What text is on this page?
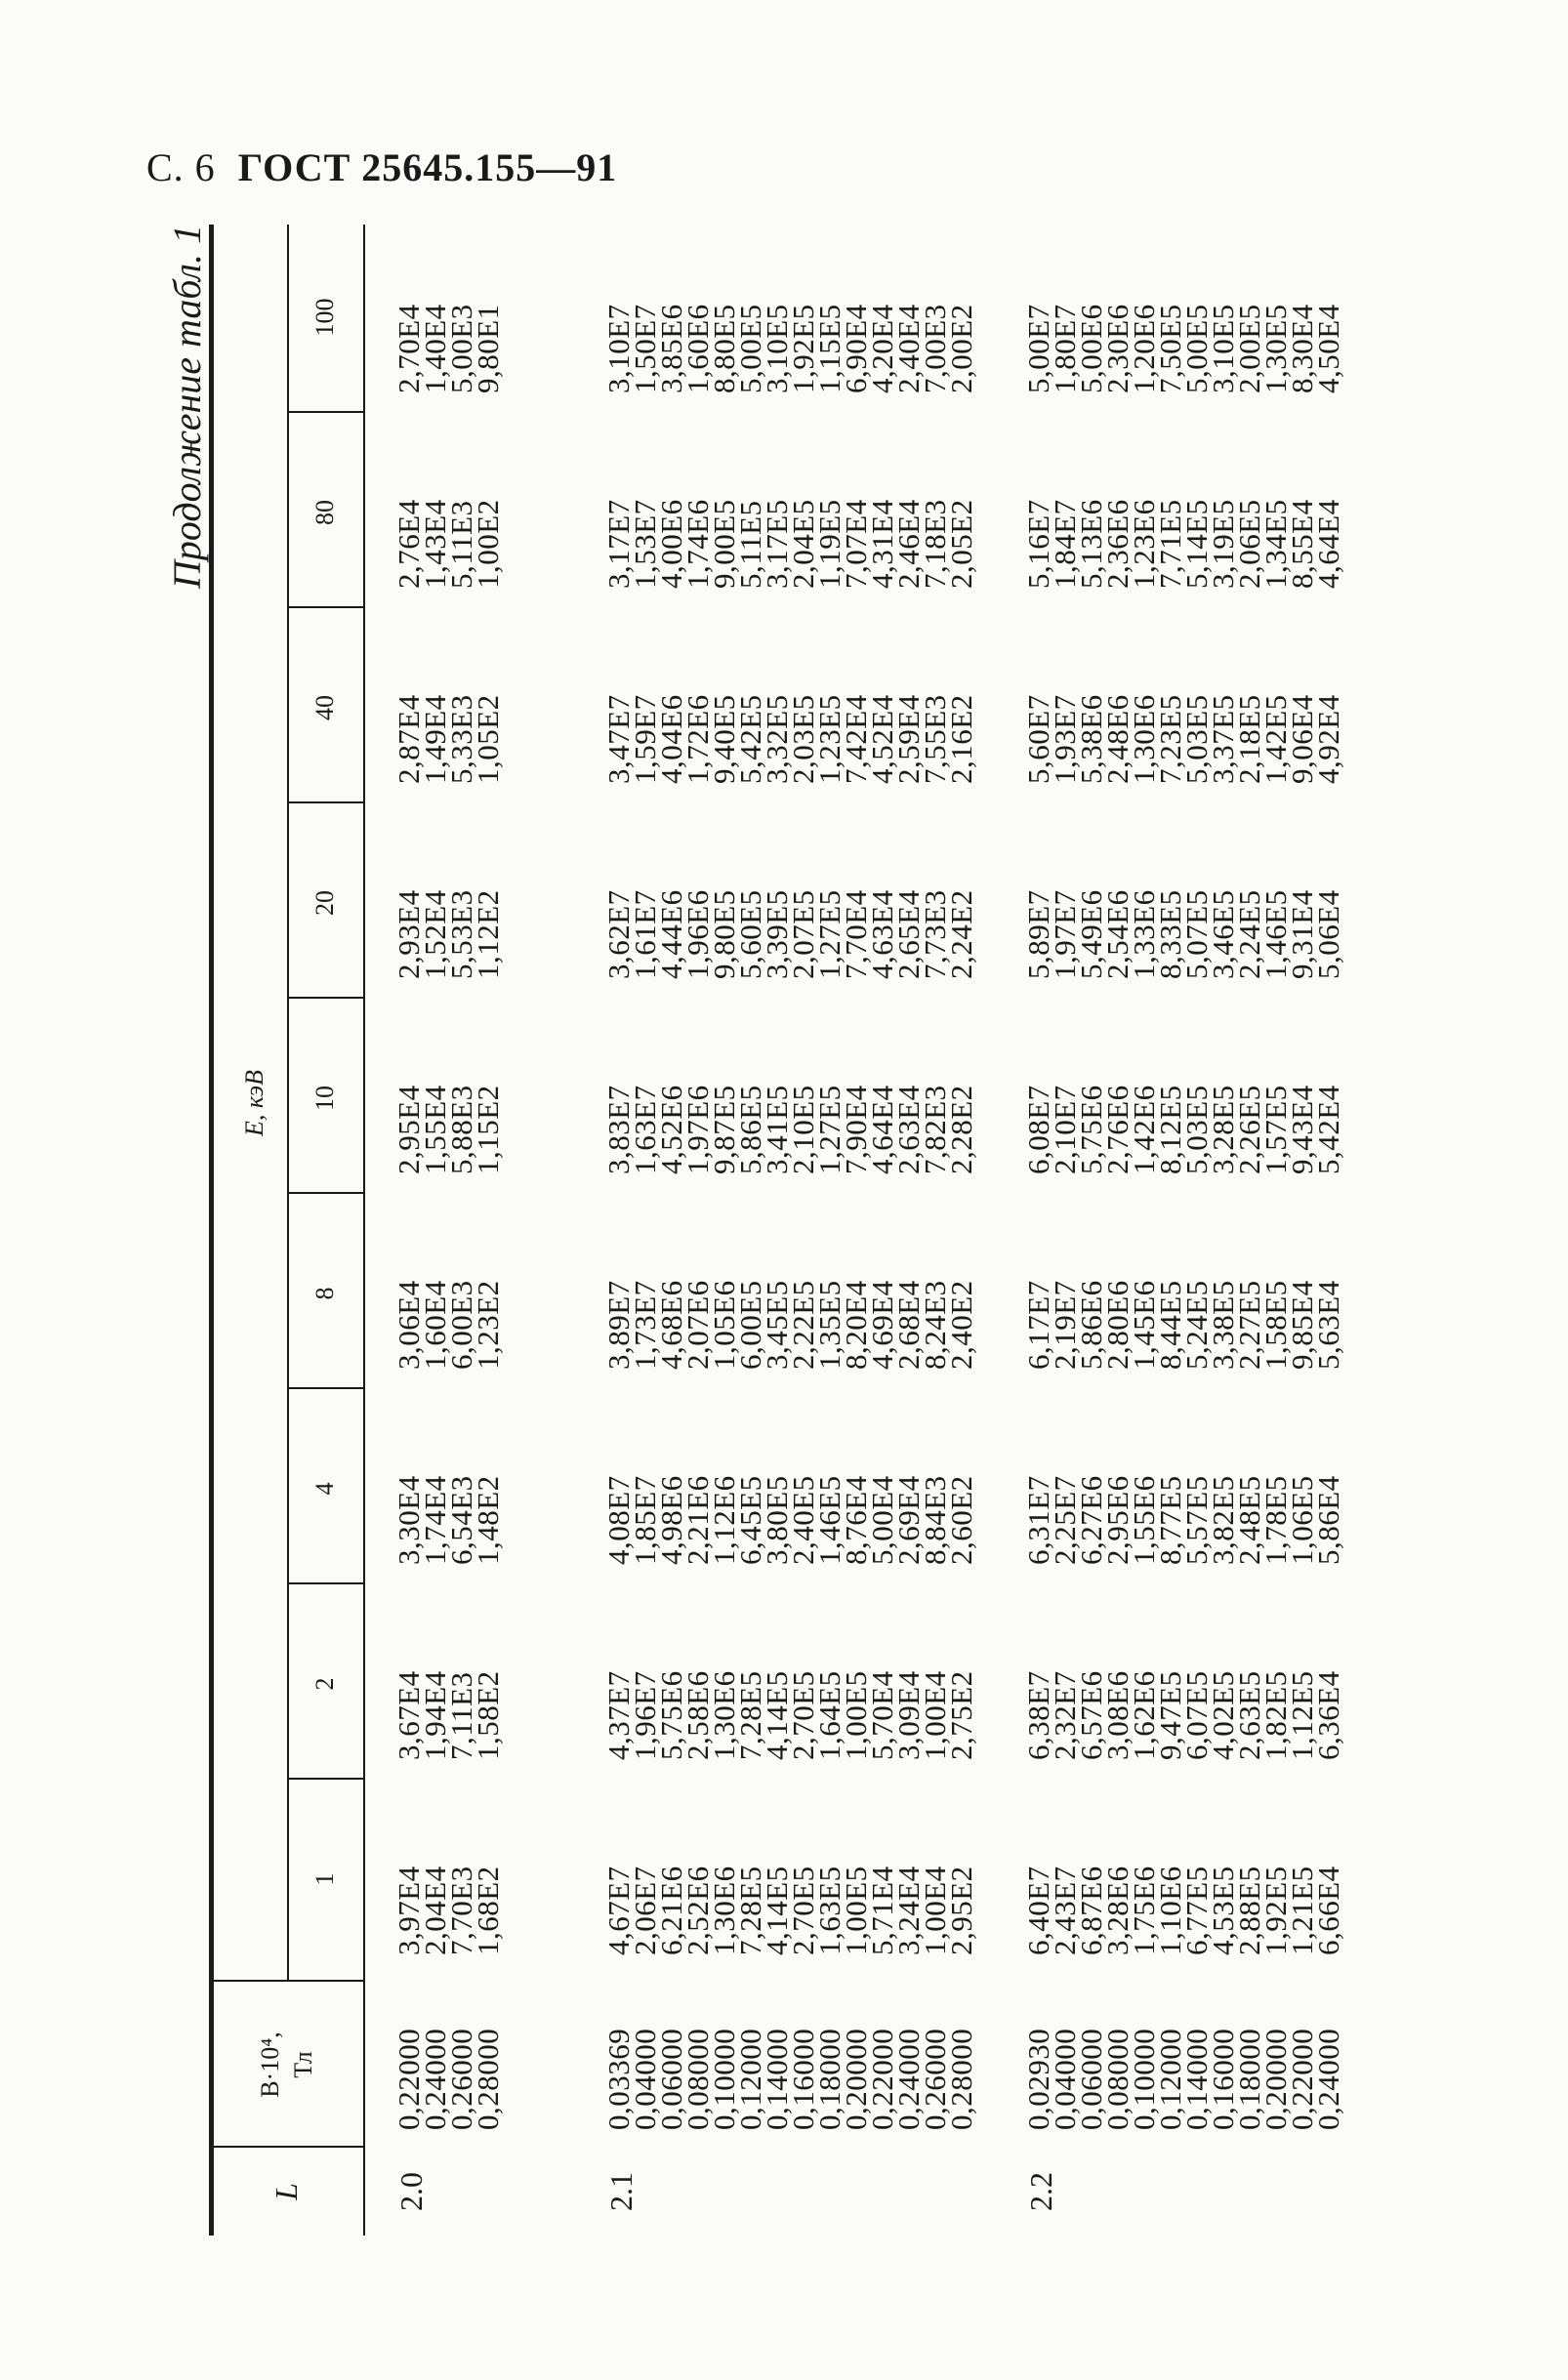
С. 6 ГОСТ 25645.155—91
Продолжение табл. 1
L
B·10⁴, Тл
E, кэВ
1
2
4
8
10
20
40
80
100
2.0
0,22000
0,24000
0,26000
0,28000
3,97E4
2,04E4
7,70E3
1,68E2
3,67E4
1,94E4
7,11E3
1,58E2
3,30E4
1,74E4
6,54E3
1,48E2
3,06E4
1,60E4
6,00E3
1,23E2
2,95E4
1,55E4
5,88E3
1,15E2
2,93E4
1,52E4
5,53E3
1,12E2
2,87E4
1,49E4
5,33E3
1,05E2
2,76E4
1,43E4
5,11E3
1,00E2
2,70E4
1,40E4
5,00E3
9,80E1
2.1
0,03369
0,04000
0,06000
0,08000
0,10000
0,12000
0,14000
0,16000
0,18000
0,20000
0,22000
0,24000
0,26000
0,28000
4,67E7
2,06E7
6,21E6
2,52E6
1,30E6
7,28E5
4,14E5
2,70E5
1,63E5
1,00E5
5,71E4
3,24E4
1,00E4
2,95E2
4,37E7
1,96E7
5,75E6
2,58E6
1,30E6
7,28E5
4,14E5
2,70E5
1,64E5
1,00E5
5,70E4
3,09E4
1,00E4
2,75E2
4,08E7
1,85E7
4,98E6
2,21E6
1,12E6
6,45E5
3,80E5
2,40E5
1,46E5
8,76E4
5,00E4
2,69E4
8,84E3
2,60E2
3,89E7
1,73E7
4,68E6
2,07E6
1,05E6
6,00E5
3,45E5
2,22E5
1,35E5
8,20E4
4,69E4
2,68E4
8,24E3
2,40E2
3,83E7
1,63E7
4,52E6
1,97E6
9,87E5
5,86E5
3,41E5
2,10E5
1,27E5
7,90E4
4,64E4
2,63E4
7,82E3
2,28E2
3,62E7
1,61E7
4,44E6
1,96E6
9,80E5
5,60E5
3,39E5
2,07E5
1,27E5
7,70E4
4,63E4
2,65E4
7,73E3
2,24E2
3,47E7
1,59E7
4,04E6
1,72E6
9,40E5
5,42E5
3,32E5
2,03E5
1,23E5
7,42E4
4,52E4
2,59E4
7,55E3
2,16E2
3,17E7
1,53E7
4,00E6
1,74E6
9,00E5
5,11E5
3,17E5
2,04E5
1,19E5
7,07E4
4,31E4
2,46E4
7,18E3
2,05E2
3,10E7
1,50E7
3,85E6
1,60E6
8,80E5
5,00E5
3,10E5
1,92E5
1,15E5
6,90E4
4,20E4
2,40E4
7,00E3
2,00E2
2.2
0,02930
0,04000
0,06000
0,08000
0,10000
0,12000
0,14000
0,16000
0,18000
0,20000
0,22000
0,24000
6,40E7
2,43E7
6,87E6
3,28E6
1,75E6
1,10E6
6,77E5
4,53E5
2,88E5
1,92E5
1,21E5
6,66E4
6,38E7
2,32E7
6,57E6
3,08E6
1,62E6
9,47E5
6,07E5
4,02E5
2,63E5
1,82E5
1,12E5
6,36E4
6,31E7
2,25E7
6,27E6
2,95E6
1,55E6
8,77E5
5,57E5
3,82E5
2,48E5
1,78E5
1,06E5
5,86E4
6,17E7
2,19E7
5,86E6
2,80E6
1,45E6
8,44E5
5,24E5
3,38E5
2,27E5
1,58E5
9,85E4
5,63E4
6,08E7
2,10E7
5,75E6
2,76E6
1,42E6
8,12E5
5,03E5
3,28E5
2,26E5
1,57E5
9,43E4
5,42E4
5,89E7
1,97E7
5,49E6
2,54E6
1,33E6
8,33E5
5,07E5
3,46E5
2,24E5
1,46E5
9,31E4
5,06E4
5,60E7
1,93E7
5,38E6
2,48E6
1,30E6
7,23E5
5,03E5
3,37E5
2,18E5
1,42E5
9,06E4
4,92E4
5,16E7
1,84E7
5,13E6
2,36E6
1,23E6
7,71E5
5,14E5
3,19E5
2,06E5
1,34E5
8,55E4
4,64E4
5,00E7
1,80E7
5,00E6
2,30E6
1,20E6
7,50E5
5,00E5
3,10E5
2,00E5
1,30E5
8,30E4
4,50E4
